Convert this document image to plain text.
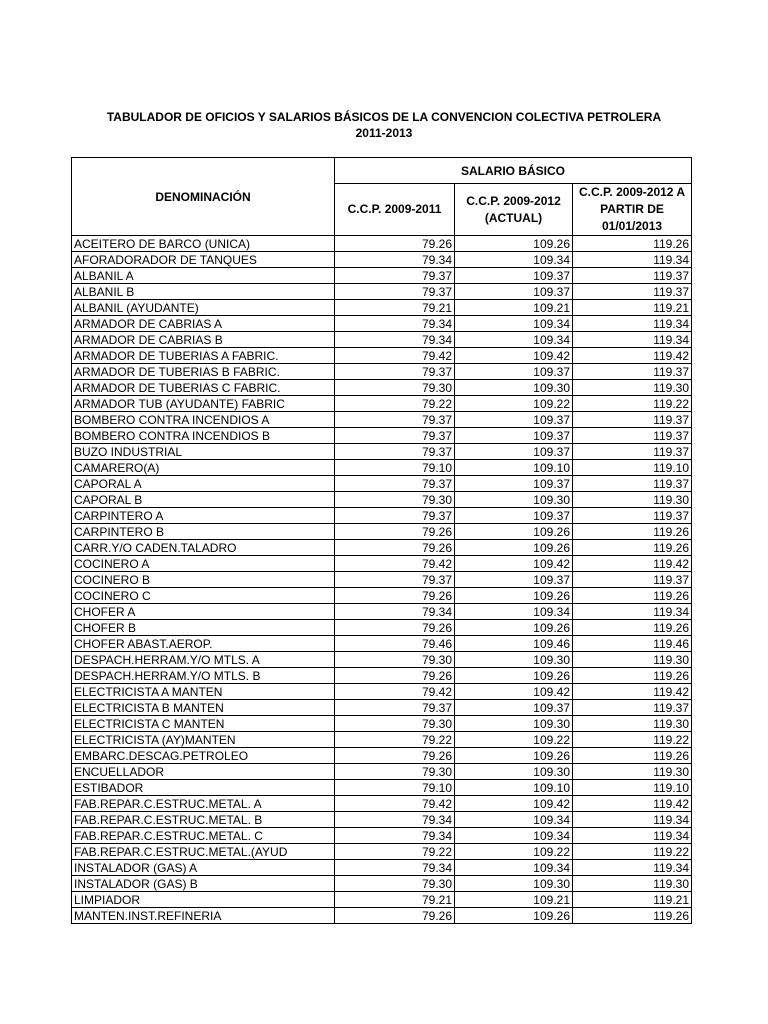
TABULADOR DE OFICIOS Y SALARIOS BÁSICOS DE LA CONVENCION COLECTIVA PETROLERA
2011-2013
DENOMINACIÓN	SALARIO BÁSICO		
	C.C.P. 2009-2011	C.C.P. 2009-2012 (ACTUAL)	C.C.P. 2009-2012 A PARTIR DE 01/01/2013
ACEITERO DE BARCO (UNICA)	79.26	109.26	119.26
AFORADORADOR DE TANQUES	79.34	109.34	119.34
ALBANIL A	79.37	109.37	119.37
ALBANIL B	79.37	109.37	119.37
ALBANIL (AYUDANTE)	79.21	109.21	119.21
ARMADOR DE CABRIAS A	79.34	109.34	119.34
ARMADOR DE CABRIAS B	79.34	109.34	119.34
ARMADOR DE TUBERIAS A FABRIC.	79.42	109.42	119.42
ARMADOR DE TUBERIAS B FABRIC.	79.37	109.37	119.37
ARMADOR DE TUBERIAS C FABRIC.	79.30	109.30	119.30
ARMADOR TUB (AYUDANTE) FABRIC	79.22	109.22	119.22
BOMBERO CONTRA INCENDIOS A	79.37	109.37	119.37
BOMBERO CONTRA INCENDIOS B	79.37	109.37	119.37
BUZO INDUSTRIAL	79.37	109.37	119.37
CAMARERO(A)	79.10	109.10	119.10
CAPORAL A	79.37	109.37	119.37
CAPORAL B	79.30	109.30	119.30
CARPINTERO A	79.37	109.37	119.37
CARPINTERO B	79.26	109.26	119.26
CARR.Y/O CADEN.TALADRO	79.26	109.26	119.26
COCINERO A	79.42	109.42	119.42
COCINERO B	79.37	109.37	119.37
COCINERO C	79.26	109.26	119.26
CHOFER A	79.34	109.34	119.34
CHOFER B	79.26	109.26	119.26
CHOFER ABAST.AEROP.	79.46	109.46	119.46
DESPACH.HERRAM.Y/O MTLS. A	79.30	109.30	119.30
DESPACH.HERRAM.Y/O MTLS. B	79.26	109.26	119.26
ELECTRICISTA A MANTEN	79.42	109.42	119.42
ELECTRICISTA B MANTEN	79.37	109.37	119.37
ELECTRICISTA C MANTEN	79.30	109.30	119.30
ELECTRICISTA (AY)MANTEN	79.22	109.22	119.22
EMBARC.DESCAG.PETROLEO	79.26	109.26	119.26
ENCUELLADOR	79.30	109.30	119.30
ESTIBADOR	79.10	109.10	119.10
FAB.REPAR.C.ESTRUC.METAL. A	79.42	109.42	119.42
FAB.REPAR.C.ESTRUC.METAL. B	79.34	109.34	119.34
FAB.REPAR.C.ESTRUC.METAL. C	79.34	109.34	119.34
FAB.REPAR.C.ESTRUC.METAL.(AYUD	79.22	109.22	119.22
INSTALADOR (GAS) A	79.34	109.34	119.34
INSTALADOR (GAS) B	79.30	109.30	119.30
LIMPIADOR	79.21	109.21	119.21
MANTEN.INST.REFINERIA	79.26	109.26	119.26
